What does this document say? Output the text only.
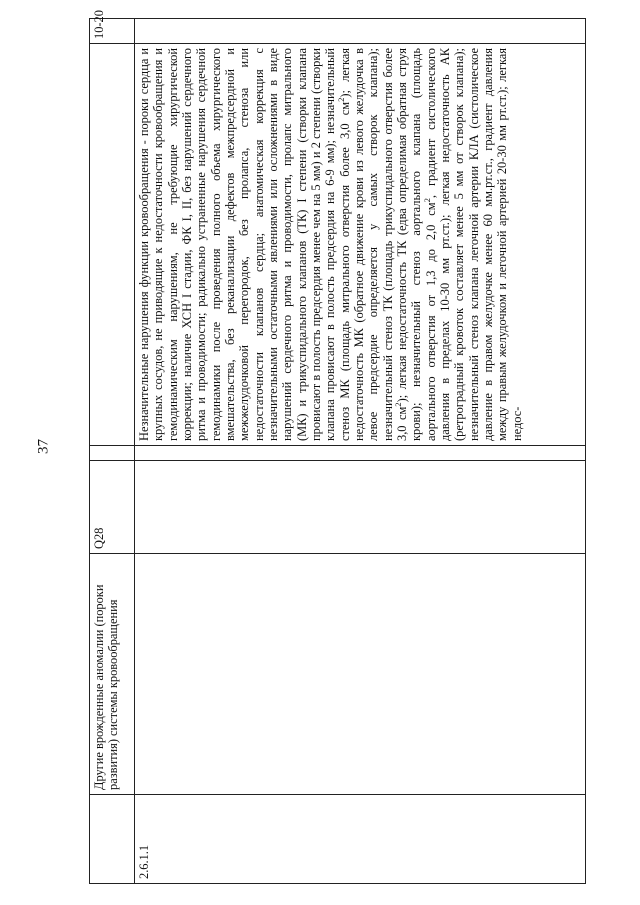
37
	Другие врожденные аномалии (пороки развития) системы кровообращения	Q28			10-20
2.6.1.1				Незначительные нарушения функции кровообращения - пороки сердца и крупных сосудов, не приводящие к недостаточности кровообращения и гемодинамическим нарушениям, не требующие хирургической коррекции; наличие ХСН I стадии, ФК I, II, без нарушений сердечного ритма и проводимости; радикально устраненные нарушения сердечной гемодинамики после проведения полного объема хирургического вмешательства, без реканализации дефектов межпредсердной и межжелудочковой перегородок, без пролапса, стеноза или недостаточности клапанов сердца; анатомическая коррекция с незначительными остаточными явлениями или осложнениями в виде нарушений сердечного ритма и проводимости, пролапс митрального (МК) и трикуспидального клапанов (ТК) I степени (створки клапана провисают в полость предсердия менее чем на 5 мм) и 2 степени (створки клапана провисают в полость предсердия на 6-9 мм); незначительный стеноз МК (площадь митрального отверстия более 3,0 $см^2$); легкая недостаточность МК (обратное движение крови из левого желудочка в левое предсердие определяется у самых створок клапана); незначительный стеноз ТК (площадь трикуспидального отверстия более 3,0 $см^2$); легкая недостаточность ТК (едва определимая обратная струя крови); незначительный стеноз аортального клапана (площадь аортального отверстия от 1,3 до 2,0 $см^2$, градиент систолического давления в пределах 10-30 мм рт.ст.); легкая недостаточность АК (ретроградный кровоток составляет менее 5 мм от створок клапана); незначительный стеноз клапана легочной артерии КЛА (систолическое давление в правом желудочке менее 60 мм.рт.ст., градиент давления между правым желудочком и легочной артерией 20-30 мм рт.ст.); легкая недос-	
